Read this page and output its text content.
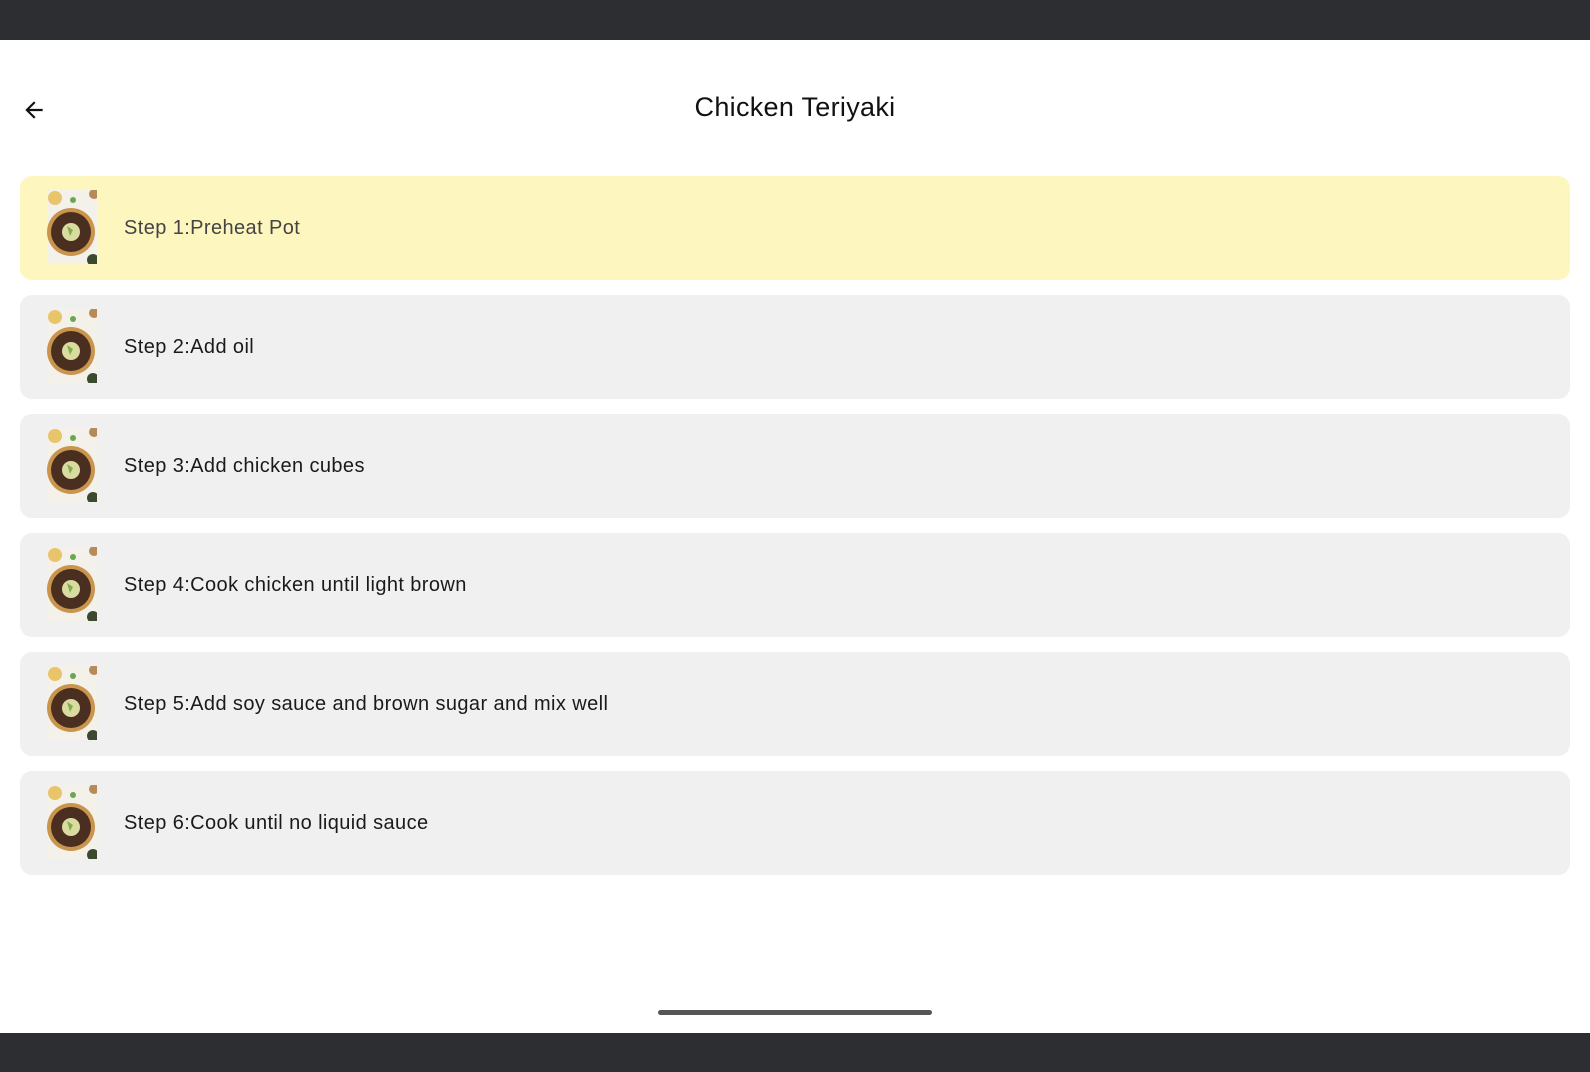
Chicken Teriyaki
Step 1:Preheat Pot
Step 2:Add oil
Step 3:Add chicken cubes
Step 4:Cook chicken until light brown
Step 5:Add soy sauce and brown sugar and mix well
Step 6:Cook until no liquid sauce
